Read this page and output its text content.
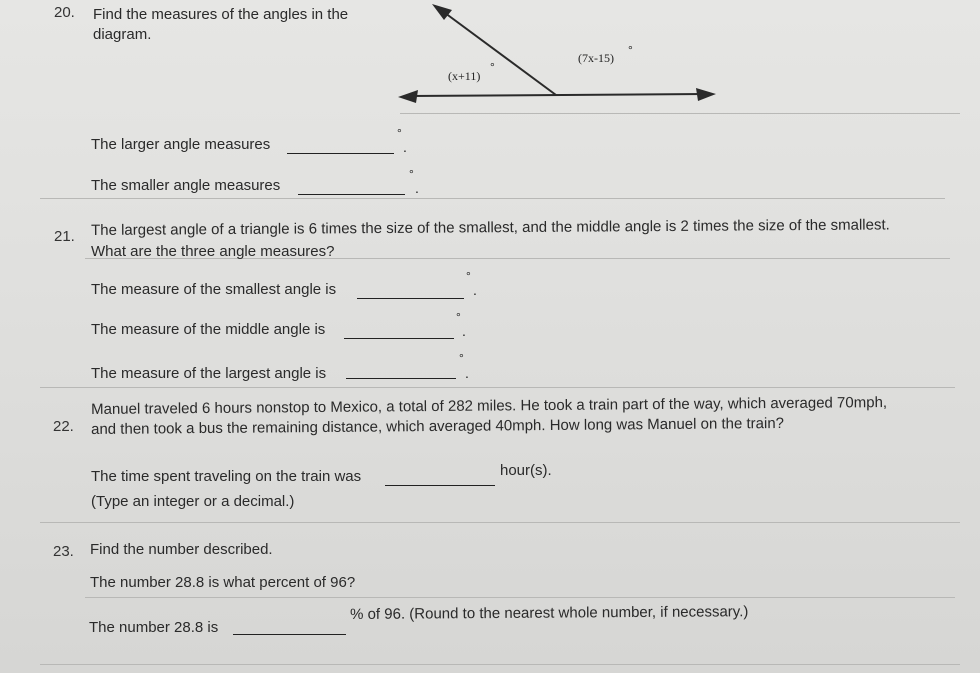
20. Find the measures of the angles in the
diagram.
(x+11)
°
(7x-15)
°
The larger angle measures
°
.
The smaller angle measures
°
.
21. The largest angle of a triangle is 6 times the size of the smallest, and the middle angle is 2 times the size of the smallest.
What are the three angle measures?
The measure of the smallest angle is
°
.
The measure of the middle angle is
°
.
The measure of the largest angle is
°
.
22.
Manuel traveled 6 hours nonstop to Mexico, a total of 282 miles. He took a train part of the way, which averaged 70mph,
and then took a bus the remaining distance, which averaged 40mph. How long was Manuel on the train?
The time spent traveling on the train was	hour(s).
(Type an integer or a decimal.)
23. Find the number described.
The number 28.8 is what percent of 96?
The number 28.8 is
% of 96. (Round to the nearest whole number, if necessary.)
